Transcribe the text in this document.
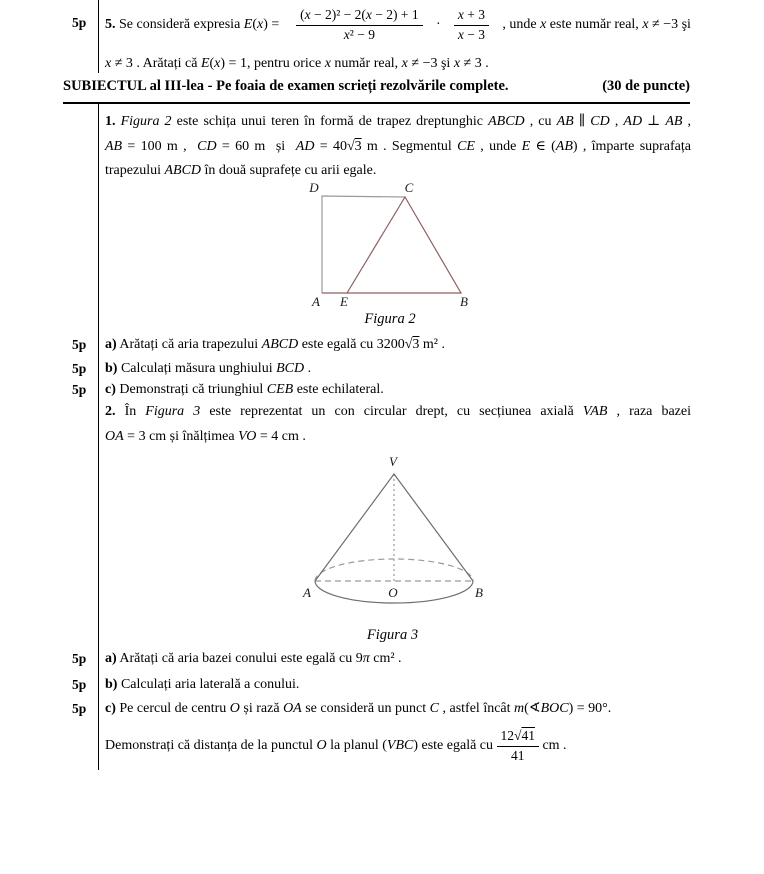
5p 5. Se consideră expresia $E(x) = \frac{\text{(x − 2)² − 2(x − 2) + 1}}{\text{x² − 9}} \cdot \frac{x + 3}{x - 3}$ , unde x este număr real, x ≠ −3 şi
x ≠ 3 . Arătați că E(x) = 1, pentru orice x număr real, x ≠ −3 şi x ≠ 3 .
SUBIECTUL al III-lea - Pe foaia de examen scrieți rezolvările complete.	(30 de puncte)
1. Figura 2 este schița unui teren în formă de trapez dreptunghic ABCD , cu AB ∥ CD , AD ⊥ AB ,
AB = 100 m ,  CD = 60 m  și  AD = 40√3 m . Segmentul CE , unde E ∈ (AB) , împarte suprafața
trapezului ABCD în două suprafețe cu arii egale.
D	C
A E	B
Figura 2
5p	a) Arătați că aria trapezului ABCD este egală cu 3200√3 m² .
5p	b) Calculați măsura unghiului BCD .
5p	c) Demonstrați că triunghiul CEB este echilateral.
2. În Figura 3 este reprezentat un con circular drept, cu secțiunea axială VAB , raza bazei
OA = 3 cm și înălțimea VO = 4 cm .
V
A	O	B
Figura 3
5p	a) Arătați că aria bazei conului este egală cu 9π cm² .
5p	b) Calculați aria laterală a conului.
5p	c) Pe cercul de centru O și rază OA se consideră un punct C , astfel încât m(∢BOC) = 90°.
Demonstrați că distanța de la punctul O la planul (VBC) este egală cu $\frac{12√41}{41}$ cm .
